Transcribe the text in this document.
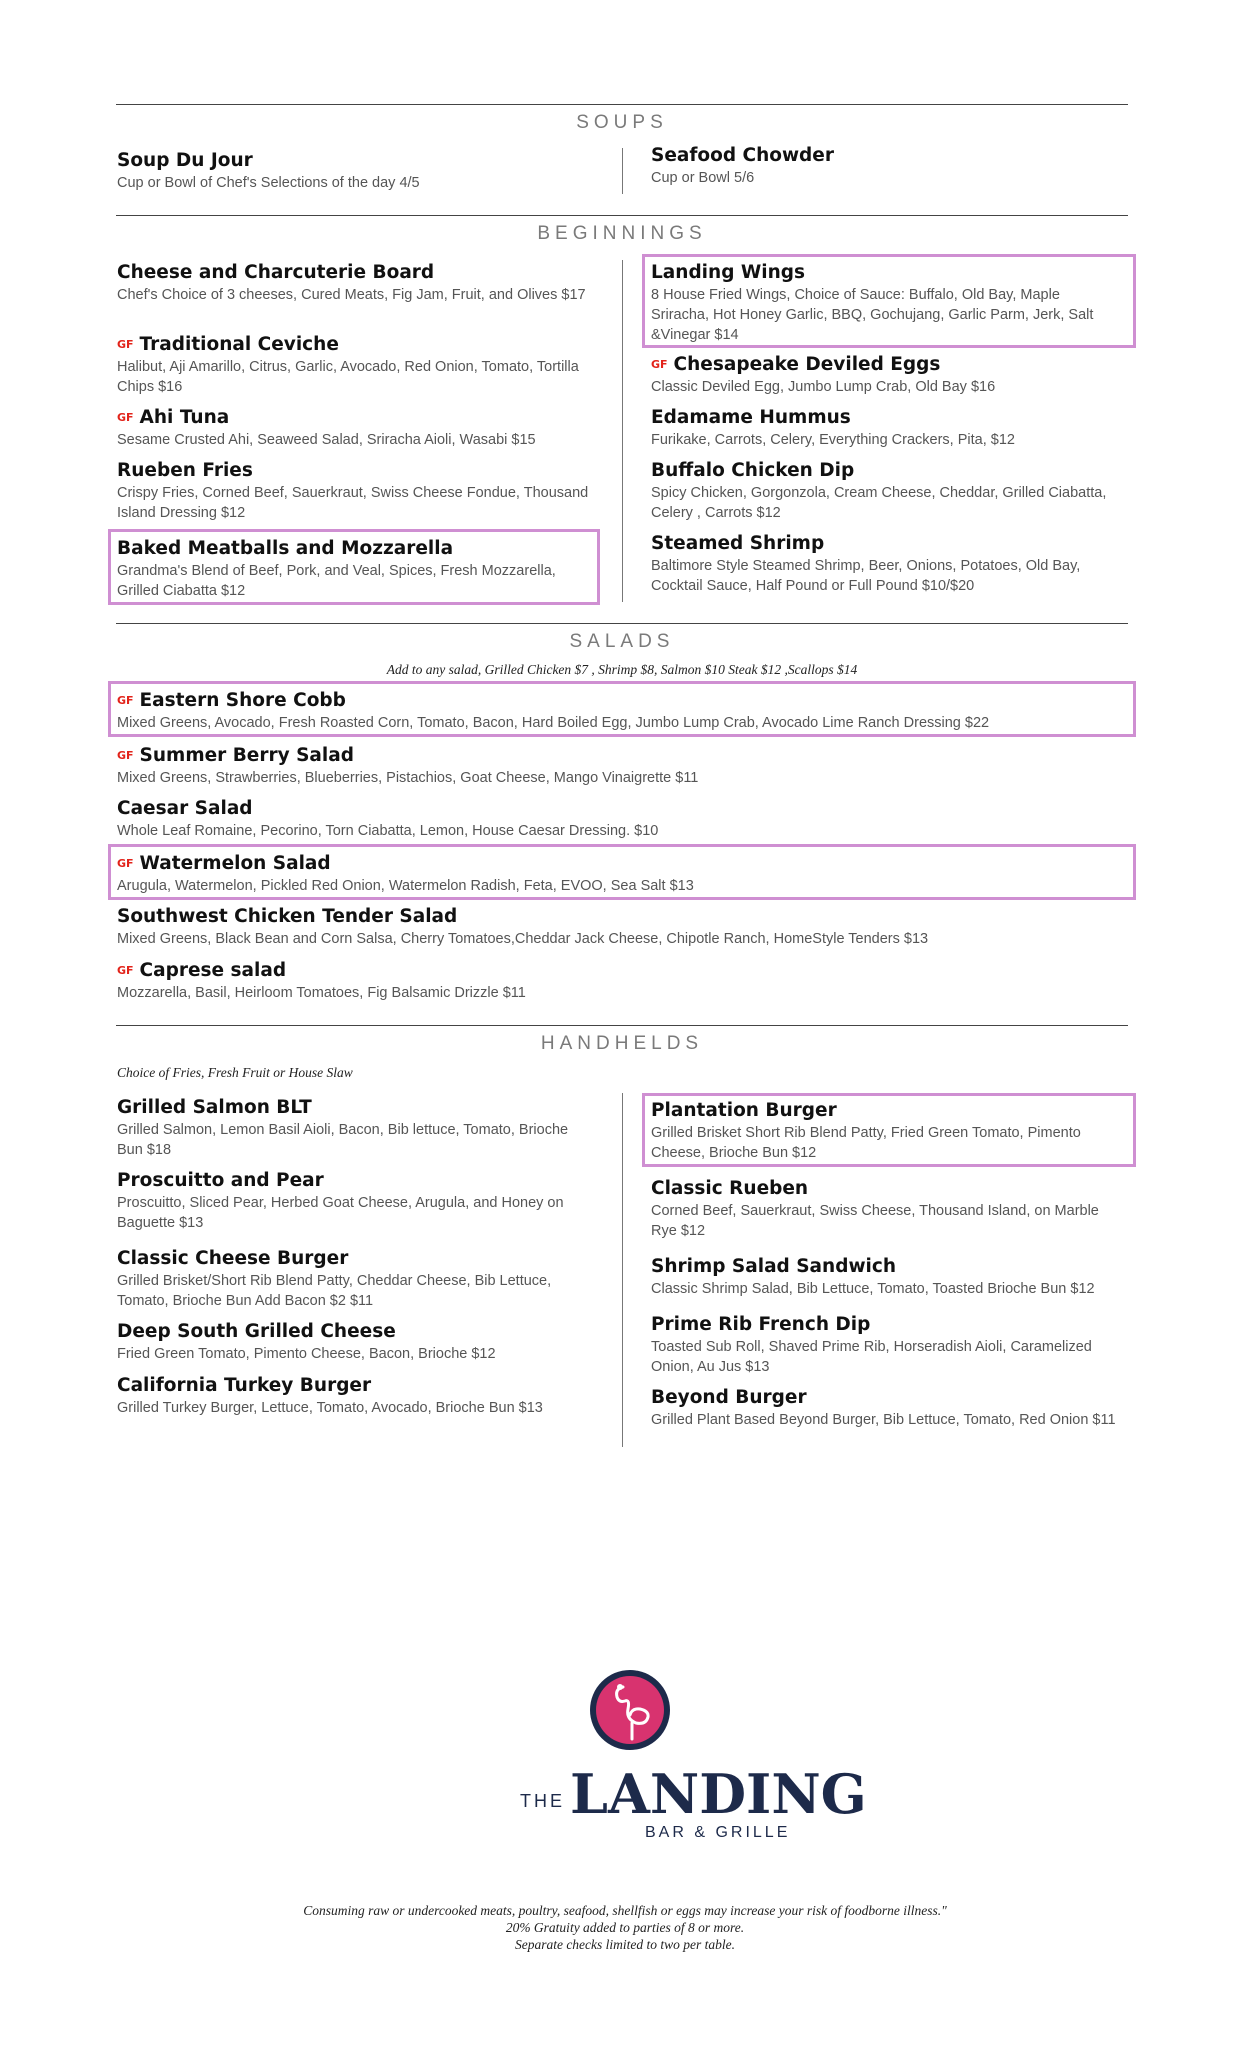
SOUPS
Soup Du Jour
Cup or Bowl of Chef's Selections of the day 4/5
Seafood Chowder
Cup or Bowl 5/6
BEGINNINGS
Cheese and Charcuterie Board
Chef's Choice of 3 cheeses, Cured Meats, Fig Jam, Fruit, and Olives $17
GF Traditional Ceviche
Halibut, Aji Amarillo, Citrus, Garlic, Avocado, Red Onion, Tomato, Tortilla Chips $16
GF Ahi Tuna
Sesame Crusted Ahi, Seaweed Salad, Sriracha Aioli, Wasabi $15
Rueben Fries
Crispy Fries, Corned Beef, Sauerkraut, Swiss Cheese Fondue, Thousand Island Dressing $12
Baked Meatballs and Mozzarella
Grandma's Blend of Beef, Pork, and Veal, Spices, Fresh Mozzarella, Grilled Ciabatta $12
Landing Wings
8 House Fried Wings, Choice of Sauce: Buffalo, Old Bay, Maple Sriracha, Hot Honey Garlic, BBQ, Gochujang, Garlic Parm, Jerk, Salt &Vinegar $14
GF Chesapeake Deviled Eggs
Classic Deviled Egg, Jumbo Lump Crab, Old Bay $16
Edamame Hummus
Furikake, Carrots, Celery, Everything Crackers, Pita, $12
Buffalo Chicken Dip
Spicy Chicken, Gorgonzola, Cream Cheese, Cheddar, Grilled Ciabatta, Celery , Carrots $12
Steamed Shrimp
Baltimore Style Steamed Shrimp, Beer, Onions, Potatoes, Old Bay, Cocktail Sauce, Half Pound or Full Pound $10/$20
SALADS
Add to any salad, Grilled Chicken $7 , Shrimp $8, Salmon $10 Steak $12 ,Scallops $14
GF Eastern Shore Cobb
Mixed Greens, Avocado, Fresh Roasted Corn, Tomato, Bacon, Hard Boiled Egg, Jumbo Lump Crab, Avocado Lime Ranch Dressing $22
GF Summer Berry Salad
Mixed Greens, Strawberries, Blueberries, Pistachios, Goat Cheese, Mango Vinaigrette $11
Caesar Salad
Whole Leaf Romaine, Pecorino, Torn Ciabatta, Lemon, House Caesar Dressing. $10
GF Watermelon Salad
Arugula, Watermelon, Pickled Red Onion, Watermelon Radish, Feta, EVOO, Sea Salt $13
Southwest Chicken Tender Salad
Mixed Greens, Black Bean and Corn Salsa, Cherry Tomatoes,Cheddar Jack Cheese, Chipotle Ranch, HomeStyle Tenders $13
GF Caprese salad
Mozzarella, Basil, Heirloom Tomatoes, Fig Balsamic Drizzle $11
HANDHELDS
Choice of Fries, Fresh Fruit or House Slaw
Grilled Salmon BLT
Grilled Salmon, Lemon Basil Aioli, Bacon, Bib lettuce, Tomato, Brioche Bun $18
Proscuitto and Pear
Proscuitto, Sliced Pear, Herbed Goat Cheese, Arugula, and Honey on Baguette $13
Classic Cheese Burger
Grilled Brisket/Short Rib Blend Patty, Cheddar Cheese, Bib Lettuce, Tomato, Brioche Bun Add Bacon $2 $11
Deep South Grilled Cheese
Fried Green Tomato, Pimento Cheese, Bacon, Brioche $12
California Turkey Burger
Grilled Turkey Burger, Lettuce, Tomato, Avocado, Brioche Bun $13
Plantation Burger
Grilled Brisket Short Rib Blend Patty, Fried Green Tomato, Pimento Cheese, Brioche Bun $12
Classic Rueben
Corned Beef, Sauerkraut, Swiss Cheese, Thousand Island, on Marble Rye $12
Shrimp Salad Sandwich
Classic Shrimp Salad, Bib Lettuce, Tomato, Toasted Brioche Bun $12
Prime Rib French Dip
Toasted Sub Roll, Shaved Prime Rib, Horseradish Aioli, Caramelized Onion, Au Jus $13
Beyond Burger
Grilled Plant Based Beyond Burger, Bib Lettuce, Tomato, Red Onion $11
THE LANDING
BAR & GRILLE
Consuming raw or undercooked meats, poultry, seafood, shellfish or eggs may increase your risk of foodborne illness."
20% Gratuity added to parties of 8 or more.
Separate checks limited to two per table.
